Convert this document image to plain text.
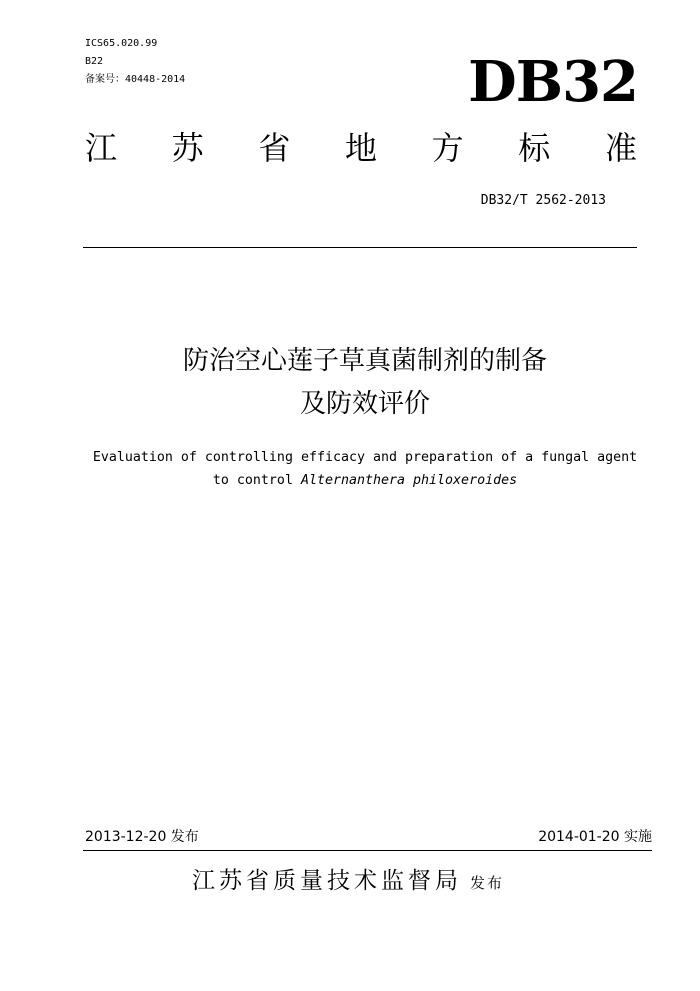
ICS65.020.99
B22
备案号：40448-2014	DB32
江 苏 省 地 方 标 准
DB32/T 2562-2013
防治空心莲子草真菌制剂的制备
及防效评价
Evaluation of controlling efficacy and preparation of a fungal agent
to control Alternanthera philoxeroides
2013-12-20 发布	2014-01-20 实施
江苏省质量技术监督局 发布
